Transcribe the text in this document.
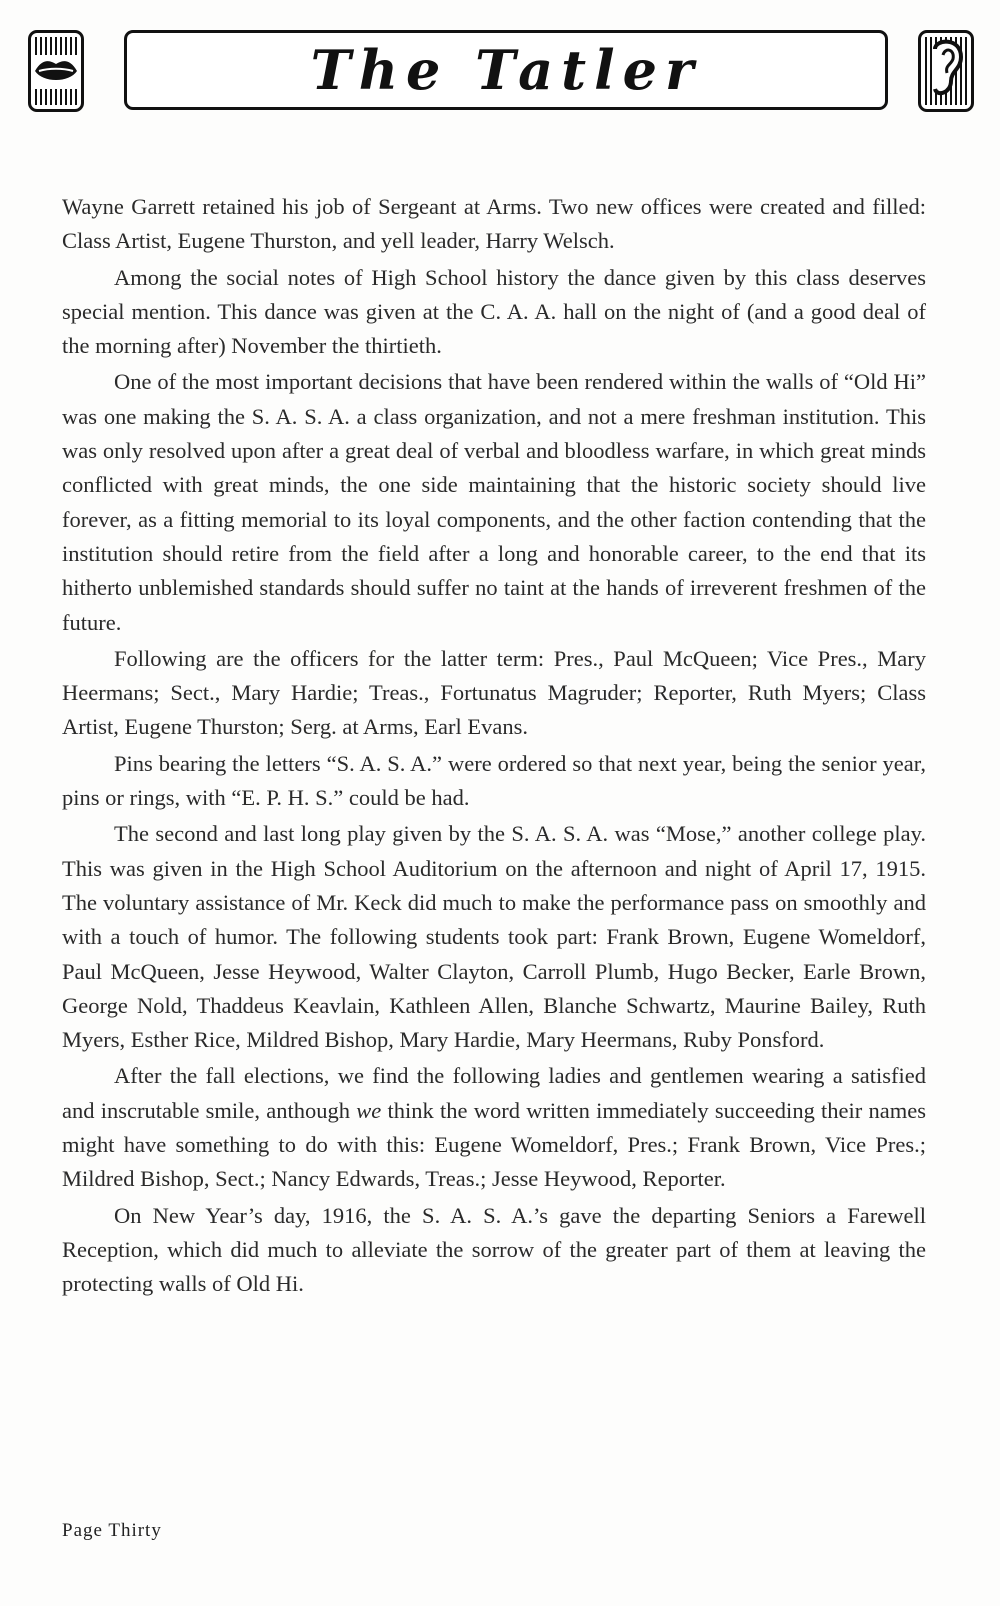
The Tatler

Wayne Garrett retained his job of Sergeant at Arms. Two new offices were created and filled: Class Artist, Eugene Thurston, and yell leader, Harry Welsch.

Among the social notes of High School history the dance given by this class deserves special mention. This dance was given at the C. A. A. hall on the night of (and a good deal of the morning after) November the thirtieth.

One of the most important decisions that have been rendered within the walls of “Old Hi” was one making the S. A. S. A. a class organization, and not a mere freshman institution. This was only resolved upon after a great deal of verbal and bloodless warfare, in which great minds conflicted with great minds, the one side maintaining that the historic society should live forever, as a fitting memorial to its loyal components, and the other faction contending that the institution should retire from the field after a long and honorable career, to the end that its hitherto unblemished standards should suffer no taint at the hands of irreverent freshmen of the future.

Following are the officers for the latter term: Pres., Paul McQueen; Vice Pres., Mary Heermans; Sect., Mary Hardie; Treas., Fortunatus Magruder; Reporter, Ruth Myers; Class Artist, Eugene Thurston; Serg. at Arms, Earl Evans.

Pins bearing the letters “S. A. S. A.” were ordered so that next year, being the senior year, pins or rings, with “E. P. H. S.” could be had.

The second and last long play given by the S. A. S. A. was “Mose,” another college play. This was given in the High School Auditorium on the afternoon and night of April 17, 1915. The voluntary assistance of Mr. Keck did much to make the performance pass on smoothly and with a touch of humor. The following students took part: Frank Brown, Eugene Womeldorf, Paul McQueen, Jesse Heywood, Walter Clayton, Carroll Plumb, Hugo Becker, Earle Brown, George Nold, Thaddeus Keavlain, Kathleen Allen, Blanche Schwartz, Maurine Bailey, Ruth Myers, Esther Rice, Mildred Bishop, Mary Hardie, Mary Heermans, Ruby Ponsford.

After the fall elections, we find the following ladies and gentlemen wearing a satisfied and inscrutable smile, anthough we think the word written immediately succeeding their names might have something to do with this: Eugene Womeldorf, Pres.; Frank Brown, Vice Pres.; Mildred Bishop, Sect.; Nancy Edwards, Treas.; Jesse Heywood, Reporter.

On New Year’s day, 1916, the S. A. S. A.’s gave the departing Seniors a Farewell Reception, which did much to alleviate the sorrow of the greater part of them at leaving the protecting walls of Old Hi.

Page Thirty
